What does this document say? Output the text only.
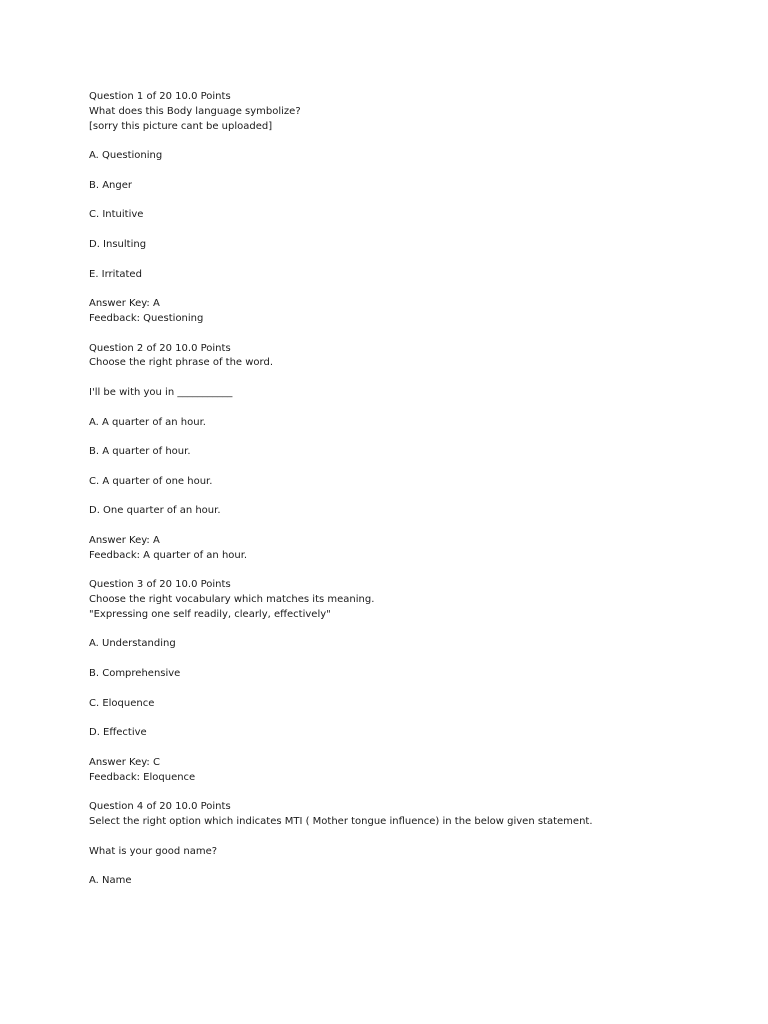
Question 1 of 20 10.0 Points
What does this Body language symbolize?
[sorry this picture cant be uploaded]
A. Questioning
B. Anger
C. Intuitive
D. Insulting
E. Irritated
Answer Key: A
Feedback: Questioning
Question 2 of 20 10.0 Points
Choose the right phrase of the word.
I'll be with you in ___________
A. A quarter of an hour.
B. A quarter of hour.
C. A quarter of one hour.
D. One quarter of an hour.
Answer Key: A
Feedback: A quarter of an hour.
Question 3 of 20 10.0 Points
Choose the right vocabulary which matches its meaning.
"Expressing one self readily, clearly, effectively"
A. Understanding
B. Comprehensive
C. Eloquence
D. Effective
Answer Key: C
Feedback: Eloquence
Question 4 of 20 10.0 Points
Select the right option which indicates MTI ( Mother tongue influence) in the below given statement.
What is your good name?
A. Name
